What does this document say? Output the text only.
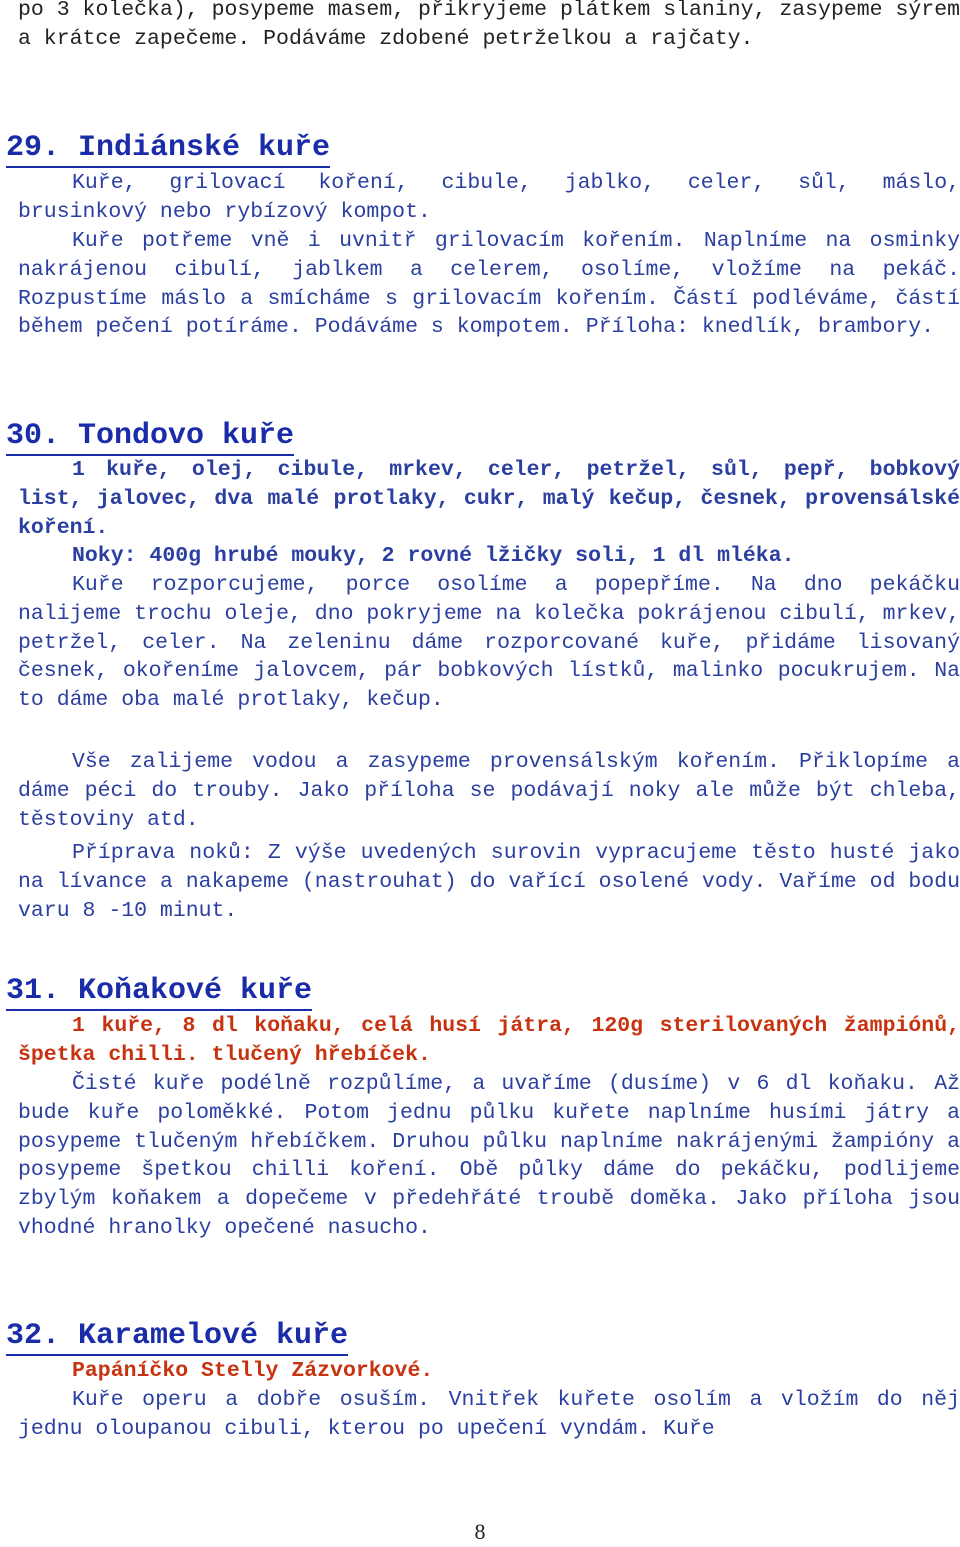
po 3 kolečka), posypeme masem, přikryjeme plátkem slaniny, zasypeme sýrem a krátce zapečeme. Podáváme zdobené petrželkou a rajčaty.

29. Indiánské kuře

Kuře, grilovací koření, cibule, jablko, celer, sůl, máslo, brusinkový nebo rybízový kompot.

Kuře potřeme vně i uvnitř grilovacím kořením. Naplníme na osminky nakrájenou cibulí, jablkem a celerem, osolíme, vložíme na pekáč. Rozpustíme máslo a smícháme s grilovacím kořením. Částí podléváme, částí během pečení potíráme. Podáváme s kompotem. Příloha: knedlík, brambory.

30. Tondovo kuře

1 kuře, olej, cibule, mrkev, celer, petržel, sůl, pepř, bobkový list, jalovec, dva malé protlaky, cukr, malý kečup, česnek, provensálské koření.

Noky: 400g hrubé mouky, 2 rovné lžičky soli, 1 dl mléka.

Kuře rozporcujeme, porce osolíme a popepříme. Na dno pekáčku nalijeme trochu oleje, dno pokryjeme na kolečka pokrájenou cibulí, mrkev, petržel, celer. Na zeleninu dáme rozporcované kuře, přidáme lisovaný česnek, okořeníme jalovcem, pár bobkových lístků, malinko pocukrujem. Na to dáme oba malé protlaky, kečup.

Vše zalijeme vodou a zasypeme provensálským kořením. Přiklopíme a dáme péci do trouby. Jako příloha se podávají noky ale může být chleba, těstoviny atd.

Příprava noků: Z výše uvedených surovin vypracujeme těsto husté jako na lívance a nakapeme (nastrouhat) do vařící osolené vody. Vaříme od bodu varu 8 -10 minut.

31. Koňakové kuře

1 kuře, 8 dl koňaku, celá husí játra, 120g sterilovaných žampiónů, špetka chilli. tlučený hřebíček.

Čisté kuře podélně rozpůlíme, a uvaříme (dusíme) v 6 dl koňaku. Až bude kuře poloměkké. Potom jednu půlku kuřete naplníme husími játry a posypeme tlučeným hřebíčkem. Druhou půlku naplníme nakrájenými žampióny a posypeme špetkou chilli koření. Obě půlky dáme do pekáčku, podlijeme zbylým koňakem a dopečeme v předehřáté troubě doměka. Jako příloha jsou vhodné hranolky opečené nasucho.

32. Karamelové kuře

Papáníčko Stelly Zázvorkové.

Kuře operu a dobře osuším. Vnitřek kuřete osolím a vložím do něj jednu oloupanou cibuli, kterou po upečení vyndám. Kuře

8
